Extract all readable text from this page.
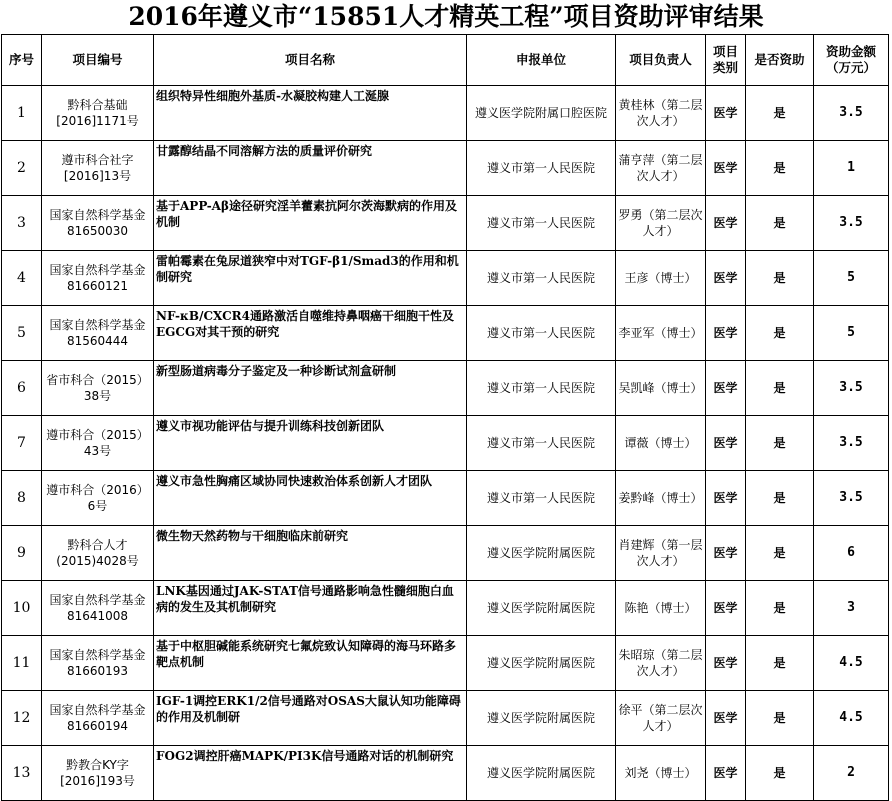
2016年遵义市“15851人才精英工程”项目资助评审结果
序号	项目编号	项目名称	申报单位	项目负责人	项目类别	是否资助	资助金额（万元）
1	黔科合基础[2016]1171号	组织特异性细胞外基质-水凝胶构建人工涎腺	遵义医学院附属口腔医院	黄桂林（第二层次人才）	医学	是	3.5
2	遵市科合社字[2016]13号	甘露醇结晶不同溶解方法的质量评价研究	遵义市第一人民医院	蒲亨萍（第二层次人才）	医学	是	1
3	国家自然科学基金81650030	基于APP-Aβ途径研究淫羊藿素抗阿尔茨海默病的作用及机制	遵义市第一人民医院	罗勇（第二层次人才）	医学	是	3.5
4	国家自然科学基金81660121	雷帕霉素在兔尿道狭窄中对TGF-β1/Smad3的作用和机制研究	遵义市第一人民医院	王彦（博士）	医学	是	5
5	国家自然科学基金81560444	NF-κB/CXCR4通路激活自噬维持鼻咽癌干细胞干性及EGCG对其干预的研究	遵义市第一人民医院	李亚军（博士）	医学	是	5
6	省市科合（2015）38号	新型肠道病毒分子鉴定及一种诊断试剂盒研制	遵义市第一人民医院	吴凯峰（博士）	医学	是	3.5
7	遵市科合（2015）43号	遵义市视功能评估与提升训练科技创新团队	遵义市第一人民医院	谭薇（博士）	医学	是	3.5
8	遵市科合（2016）6号	遵义市急性胸痛区域协同快速救治体系创新人才团队	遵义市第一人民医院	姜黔峰（博士）	医学	是	3.5
9	黔科合人才(2015)4028号	微生物天然药物与干细胞临床前研究	遵义医学院附属医院	肖建辉（第一层次人才）	医学	是	6
10	国家自然科学基金81641008	LNK基因通过JAK-STAT信号通路影响急性髓细胞白血病的发生及其机制研究	遵义医学院附属医院	陈艳（博士）	医学	是	3
11	国家自然科学基金81660193	基于中枢胆碱能系统研究七氟烷致认知障碍的海马环路多靶点机制	遵义医学院附属医院	朱昭琼（第二层次人才）	医学	是	4.5
12	国家自然科学基金81660194	IGF-1调控ERK1/2信号通路对OSAS大鼠认知功能障碍的作用及机制研	遵义医学院附属医院	徐平（第二层次人才）	医学	是	4.5
13	黔教合KY字[2016]193号	FOG2调控肝癌MAPK/PI3K信号通路对话的机制研究	遵义医学院附属医院	刘尧（博士）	医学	是	2
